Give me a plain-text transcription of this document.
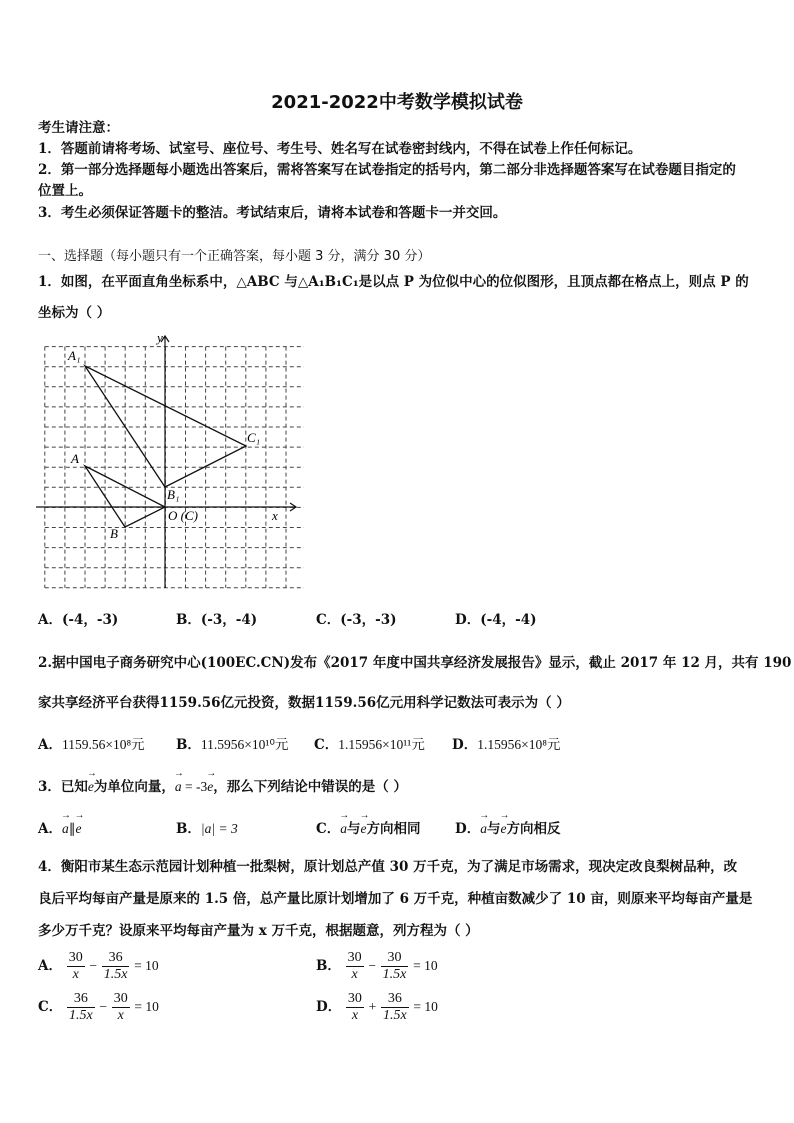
2021-2022中考数学模拟试卷
考生请注意：
1．答题前请将考场、试室号、座位号、考生号、姓名写在试卷密封线内，不得在试卷上作任何标记。
2．第一部分选择题每小题选出答案后，需将答案写在试卷指定的括号内，第二部分非选择题答案写在试卷题目指定的
位置上。
3．考生必须保证答题卡的整洁。考试结束后，请将本试卷和答题卡一并交回。
一、选择题（每小题只有一个正确答案，每小题 3 分，满分 30 分）
1．如图，在平面直角坐标系中，△ABC 与△A₁B₁C₁是以点 P 为位似中心的位似图形，且顶点都在格点上，则点 P 的
坐标为（ ）
y
x
A₁
A
C₁
B₁
B
O (C)
A．(-4，-3)	B．(-3，-4)	C．(-3，-3)	D．(-4，-4)
2.据中国电子商务研究中心(100EC.CN)发布《2017 年度中国共享经济发展报告》显示，截止 2017 年 12 月，共有 190
家共享经济平台获得1159.56亿元投资，数据1159.56亿元用科学记数法可表示为（ ）
A．1159.56×10⁸元 B．11.5956×10¹⁰元 C．1.15956×10¹¹元 D．1.15956×10⁸元
3．已知→ e为单位向量，→ a = -3→ e，那么下列结论中错误的是（ ）
A．→ a∥→ e	B．|a| = 3	C．→ a与→ e方向相同	D．→ a与→ e方向相反
4．衡阳市某生态示范园计划种植一批梨树，原计划总产值 30 万千克，为了满足市场需求，现决定改良梨树品种，改
良后平均每亩产量是原来的 1.5 倍，总产量比原计划增加了 6 万千克，种植亩数减少了 10 亩，则原来平均每亩产量是
多少万千克？设原来平均每亩产量为 x 万千克，根据题意，列方程为（ ）
A． $\frac{30}{x} - \frac{36}{1.5x} = 10$	B． $\frac{30}{x} - \frac{30}{1.5x} = 10$
C． $\frac{36}{1.5x} - \frac{30}{x} = 10$	D． $\frac{30}{x} + \frac{36}{1.5x} = 10$
